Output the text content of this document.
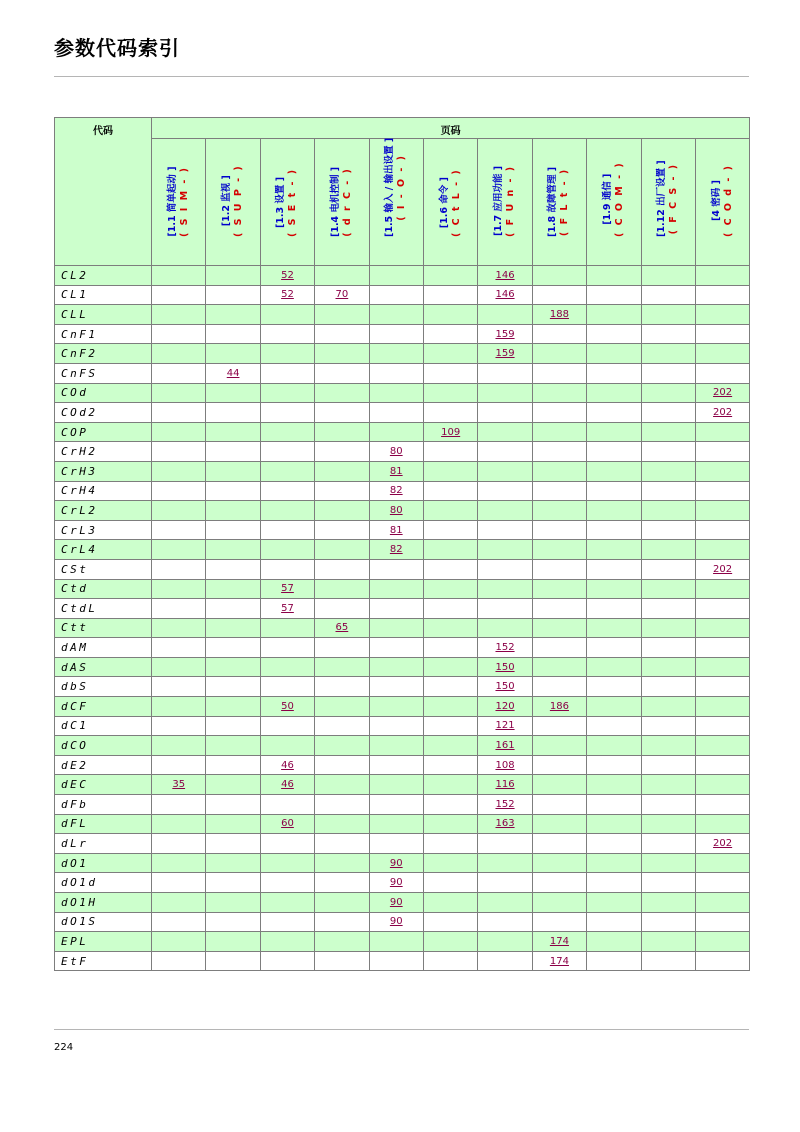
参数代码索引
代码	页码										

	[1.1 简单起动 ] ( S I M - )	[1.2 监视 ] ( S U P - )	[1.3 设置 ] ( S E t - )	[1.4 电机控制 ] ( d r C - )	[1.5 输入 / 输出设置 ] ( I - O - )	[1.6 命令 ] ( C t L - )	[1.7 应用功能 ] ( F U n - )	[1.8 故障管理 ] ( F L t - )	[1.9 通信 ] ( C O M - )	[1.12 出厂设置 ] ( F C S - )	[4 密码 ] ( C O d - )

CL2			52				146				
CL1			52	70			146				
CLL								188			
CnF1							159				
CnF2							159				
CnFS		44									
COd											202
COd2											202
COP						109					
CrH2					80						
CrH3					81						
CrH4					82						
CrL2					80						
CrL3					81						
CrL4					82						
CSt											202
Ctd			57								
CtdL			57								
Ctt				65							
dAM							152				
dAS							150				
dbS							150				
dCF			50				120	186			
dC1							121				
dCO							161				
dE2			46				108				
dEC	35		46				116				
dFb							152				
dFL			60				163				
dLr											202
dO1					90						
dO1d					90						
dO1H					90						
dO1S					90						
EPL								174			
EtF								174			
224
